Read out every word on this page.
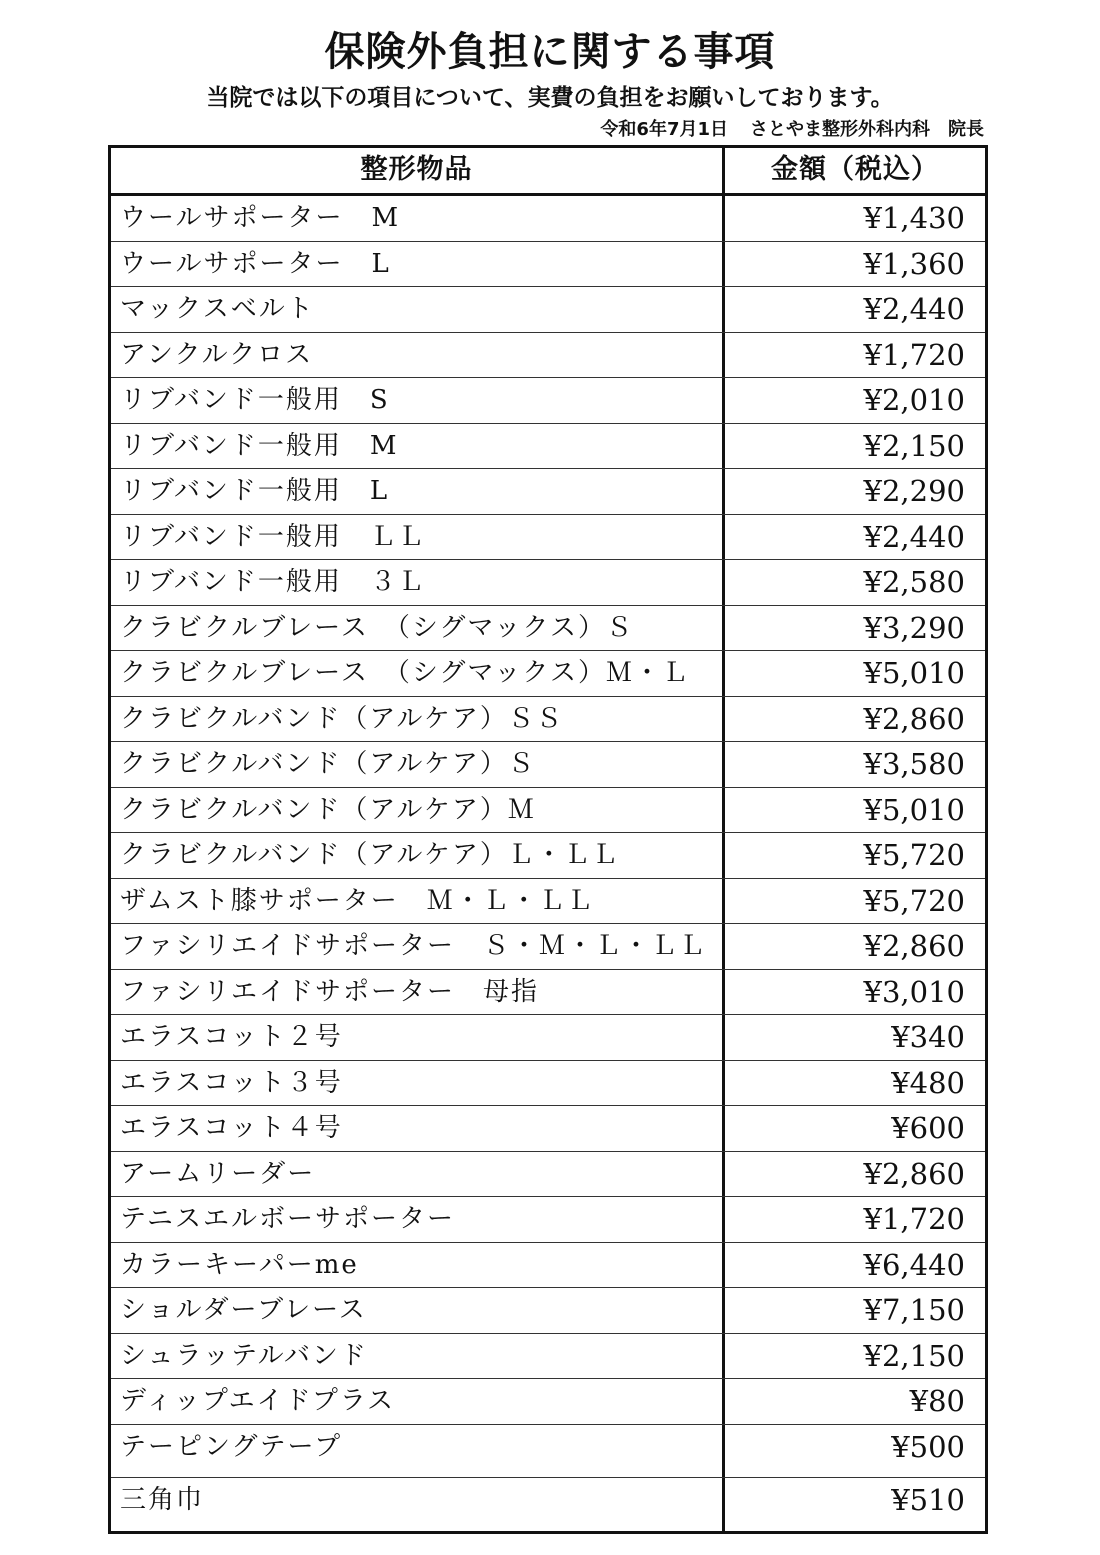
保険外負担に関する事項
当院では以下の項目について、実費の負担をお願いしております。
令和6年7月1日 さとやま整形外科内科　院長
整形物品	金額（税込）
ウールサポーター　M	¥1,430
ウールサポーター　L	¥1,360
マックスベルト	¥2,440
アンクルクロス	¥1,720
リブバンド一般用　S	¥2,010
リブバンド一般用　M	¥2,150
リブバンド一般用　L	¥2,290
リブバンド一般用　ＬＬ	¥2,440
リブバンド一般用　３Ｌ	¥2,580
クラビクルブレース　（シグマックス）Ｓ	¥3,290
クラビクルブレース　（シグマックス）Ｍ・Ｌ	¥5,010
クラビクルバンド（アルケア）ＳＳ	¥2,860
クラビクルバンド（アルケア）Ｓ	¥3,580
クラビクルバンド（アルケア）Ｍ	¥5,010
クラビクルバンド（アルケア）Ｌ・ＬＬ	¥5,720
ザムスト膝サポーター　Ｍ・Ｌ・ＬＬ	¥5,720
ファシリエイドサポーター　Ｓ・Ｍ・Ｌ・ＬＬ	¥2,860
ファシリエイドサポーター　母指	¥3,010
エラスコット２号	¥340
エラスコット３号	¥480
エラスコット４号	¥600
アームリーダー	¥2,860
テニスエルボーサポーター	¥1,720
カラーキーパーme	¥6,440
ショルダーブレース	¥7,150
シュラッテルバンド	¥2,150
ディップエイドプラス	¥80
テーピングテープ	¥500
三角巾	¥510
